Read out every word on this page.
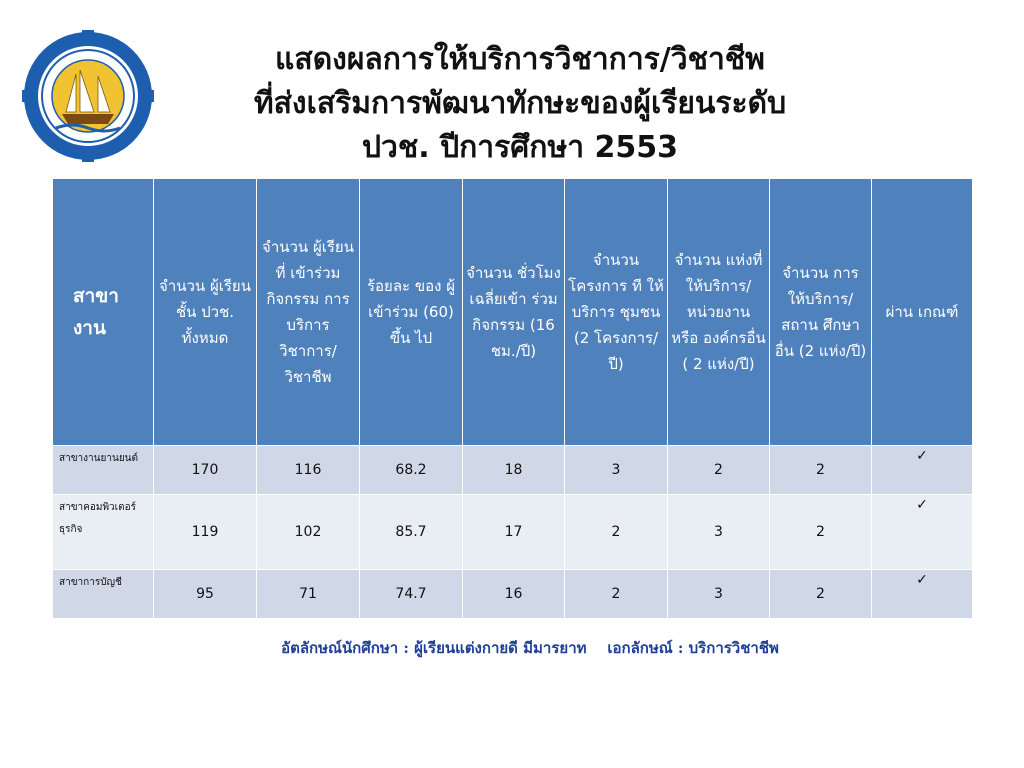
แสดงผลการให้บริการวิชาการ/วิชาชีพ
ที่ส่งเสริมการพัฒนาทักษะของผู้เรียนระดับ
ปวช. ปีการศึกษา 2553
สาขา งาน	จำนวน ผู้เรียนชั้น ปวช. ทั้งหมด	จำนวน ผู้เรียนที่ เข้าร่วม กิจกรรม การ บริการ วิชาการ/ วิชาชีพ	ร้อยละ ของ ผู้เข้าร่วม (60) ขึ้น ไป	จำนวน ชั่วโมง เฉลี่ยเข้า ร่วม กิจกรรม (16 ชม./ปี)	จำนวน โครงการ ที ให้บริการ ชุมชน (2 โครงการ/ปี)	จำนวน แห่งที่ ให้บริการ/ หน่วยงาน หรือ องค์กรอื่น ( 2 แห่ง/ปี)	จำนวน การ ให้บริการ/ สถาน ศึกษาอื่น (2 แห่ง/ปี)	ผ่าน เกณฑ์
สาขางานยานยนต์	170	116	68.2	18	3	2	2	✓
สาขาคอมพิวเตอร์ ธุรกิจ	119	102	85.7	17	2	3	2	✓
สาขาการบัญชี	95	71	74.7	16	2	3	2	✓
อัตลักษณ์นักศึกษา : ผู้เรียนแต่งกายดี มีมารยาท    เอกลักษณ์ : บริการวิชาชีพ
